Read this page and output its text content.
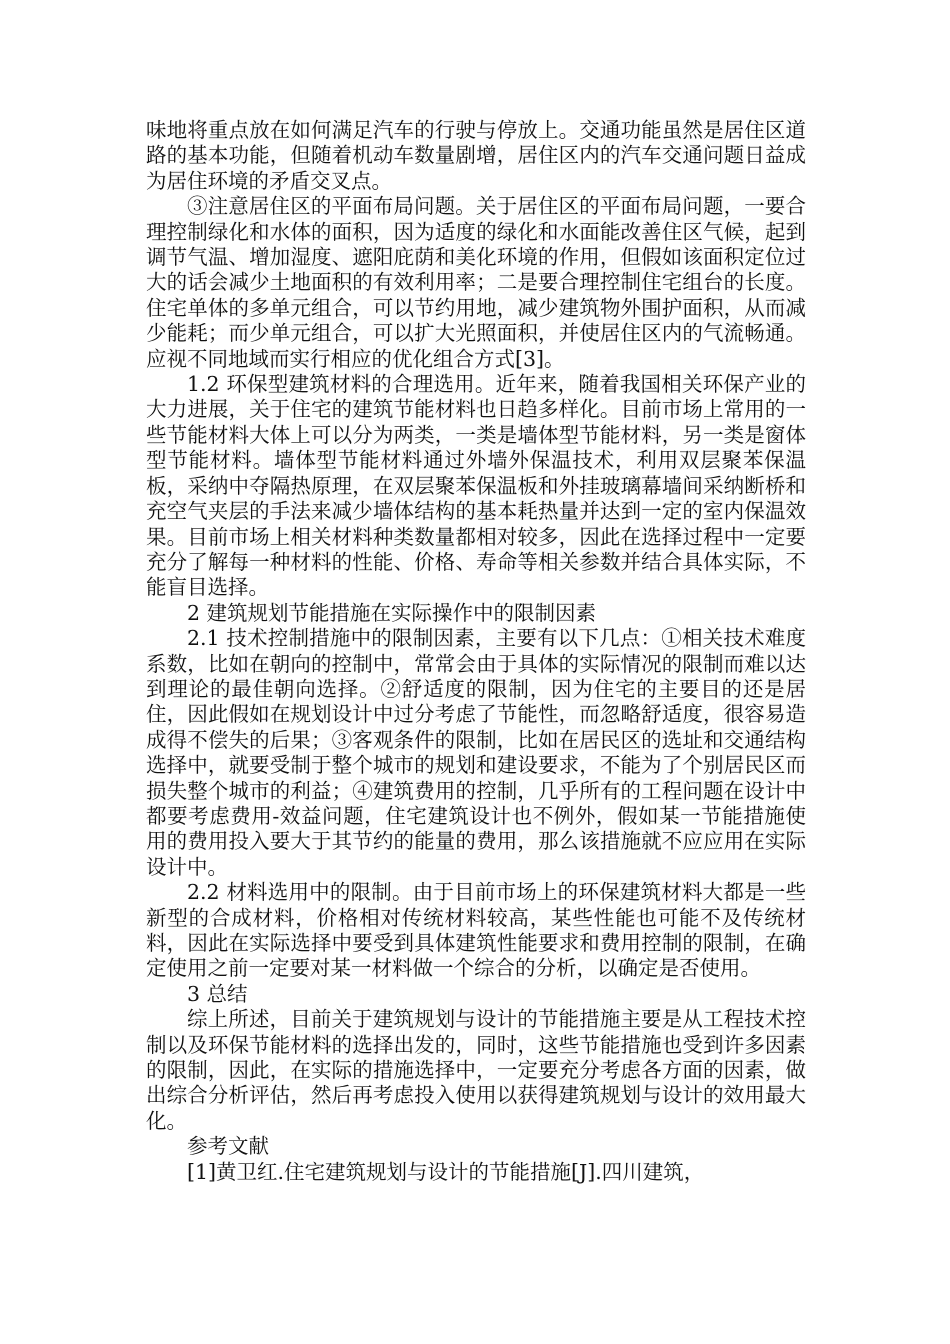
味地将重点放在如何满足汽车的行驶与停放上。交通功能虽然是居住区道路的基本功能，但随着机动车数量剧增，居住区内的汽车交通问题日益成为居住环境的矛盾交叉点。

③注意居住区的平面布局问题。关于居住区的平面布局问题，一要合理控制绿化和水体的面积，因为适度的绿化和水面能改善住区气候，起到调节气温、增加湿度、遮阳庇荫和美化环境的作用，但假如该面积定位过大的话会减少土地面积的有效利用率；二是要合理控制住宅组台的长度。住宅单体的多单元组合，可以节约用地，减少建筑物外围护面积，从而减少能耗；而少单元组合，可以扩大光照面积，并使居住区内的气流畅通。应视不同地域而实行相应的优化组合方式[3]。

1.2 环保型建筑材料的合理选用。近年来，随着我国相关环保产业的大力进展，关于住宅的建筑节能材料也日趋多样化。目前市场上常用的一些节能材料大体上可以分为两类，一类是墙体型节能材料，另一类是窗体型节能材料。墙体型节能材料通过外墙外保温技术，利用双层聚苯保温板，采纳中夺隔热原理，在双层聚苯保温板和外挂玻璃幕墙间采纳断桥和充空气夹层的手法来减少墙体结构的基本耗热量并达到一定的室内保温效果。目前市场上相关材料种类数量都相对较多，因此在选择过程中一定要充分了解每一种材料的性能、价格、寿命等相关参数并结合具体实际，不能盲目选择。

2 建筑规划节能措施在实际操作中的限制因素

2.1 技术控制措施中的限制因素，主要有以下几点：①相关技术难度系数，比如在朝向的控制中，常常会由于具体的实际情况的限制而难以达到理论的最佳朝向选择。②舒适度的限制，因为住宅的主要目的还是居住，因此假如在规划设计中过分考虑了节能性，而忽略舒适度，很容易造成得不偿失的后果；③客观条件的限制，比如在居民区的选址和交通结构选择中，就要受制于整个城市的规划和建设要求，不能为了个别居民区而损失整个城市的利益；④建筑费用的控制，几乎所有的工程问题在设计中都要考虑费用-效益问题，住宅建筑设计也不例外，假如某一节能措施使用的费用投入要大于其节约的能量的费用，那么该措施就不应应用在实际设计中。

2.2 材料选用中的限制。由于目前市场上的环保建筑材料大都是一些新型的合成材料，价格相对传统材料较高，某些性能也可能不及传统材料，因此在实际选择中要受到具体建筑性能要求和费用控制的限制，在确定使用之前一定要对某一材料做一个综合的分析，以确定是否使用。

3 总结

综上所述，目前关于建筑规划与设计的节能措施主要是从工程技术控制以及环保节能材料的选择出发的，同时，这些节能措施也受到许多因素的限制，因此，在实际的措施选择中，一定要充分考虑各方面的因素，做出综合分析评估，然后再考虑投入使用以获得建筑规划与设计的效用最大化。

参考文献

[1]黄卫红.住宅建筑规划与设计的节能措施[J].四川建筑，
